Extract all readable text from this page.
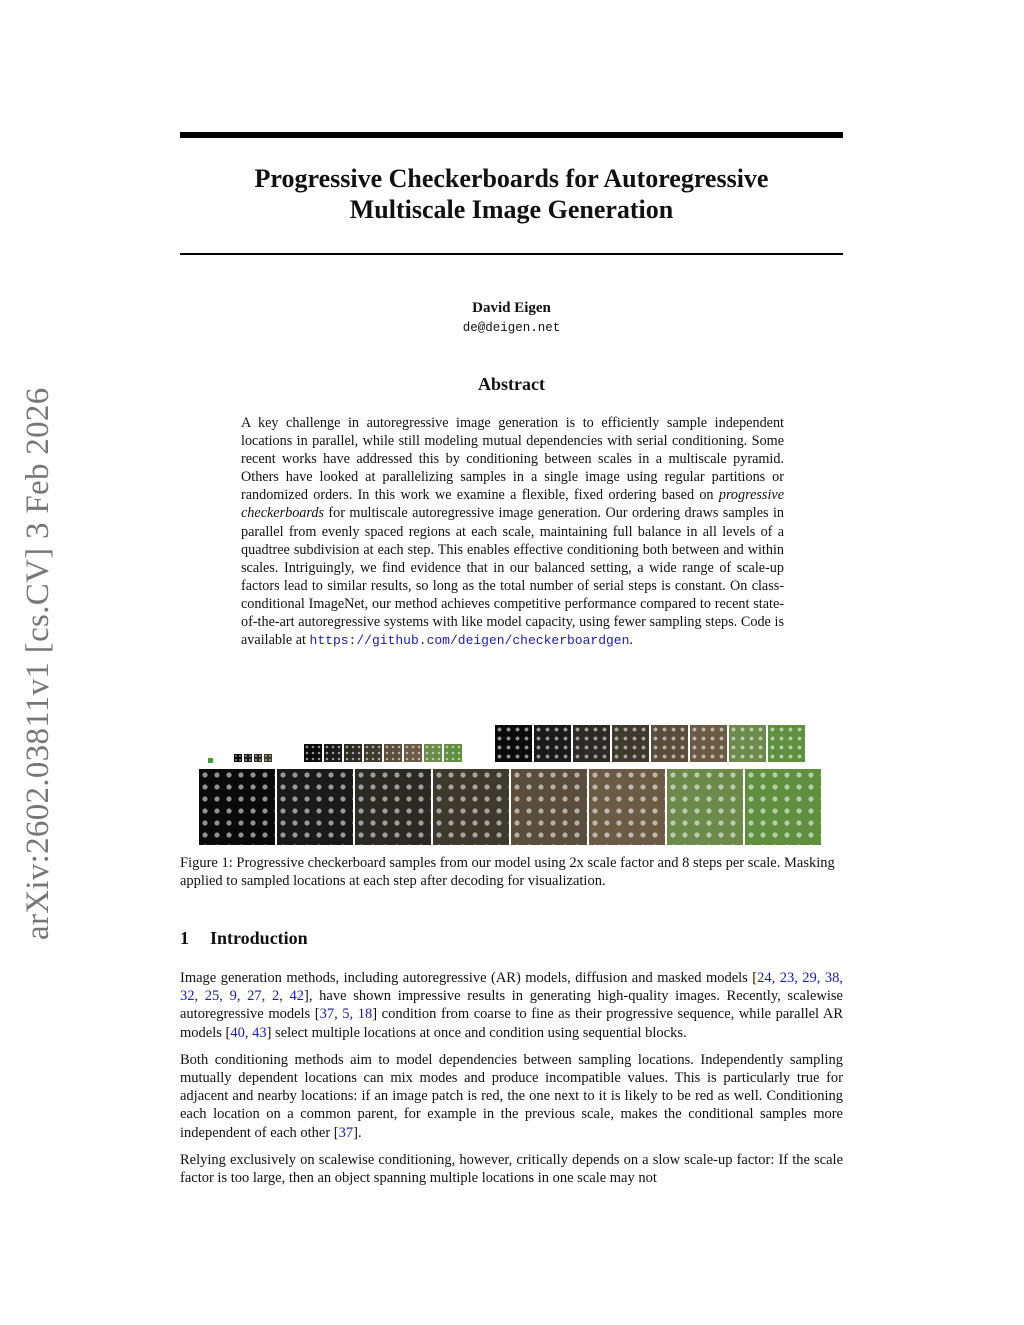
arXiv:2602.03811v1 [cs.CV] 3 Feb 2026
Progressive Checkerboards for Autoregressive
Multiscale Image Generation
David Eigen
de@deigen.net
Abstract
A key challenge in autoregressive image generation is to efficiently sample independent locations in parallel, while still modeling mutual dependencies with serial conditioning. Some recent works have addressed this by conditioning between scales in a multiscale pyramid. Others have looked at parallelizing samples in a single image using regular partitions or randomized orders. In this work we examine a flexible, fixed ordering based on progressive checkerboards for multiscale autoregressive image generation. Our ordering draws samples in parallel from evenly spaced regions at each scale, maintaining full balance in all levels of a quadtree subdivision at each step. This enables effective conditioning both between and within scales. Intriguingly, we find evidence that in our balanced setting, a wide range of scale-up factors lead to similar results, so long as the total number of serial steps is constant. On class-conditional ImageNet, our method achieves competitive performance compared to recent state-of-the-art autoregressive systems with like model capacity, using fewer sampling steps. Code is available at https://github.com/deigen/checkerboardgen.
Figure 1: Progressive checkerboard samples from our model using 2x scale factor and 8 steps per scale. Masking applied to sampled locations at each step after decoding for visualization.
1 Introduction

Image generation methods, including autoregressive (AR) models, diffusion and masked models [24, 23, 29, 38, 32, 25, 9, 27, 2, 42], have shown impressive results in generating high-quality images. Recently, scalewise autoregressive models [37, 5, 18] condition from coarse to fine as their progressive sequence, while parallel AR models [40, 43] select multiple locations at once and condition using sequential blocks.

Both conditioning methods aim to model dependencies between sampling locations. Independently sampling mutually dependent locations can mix modes and produce incompatible values. This is particularly true for adjacent and nearby locations: if an image patch is red, the one next to it is likely to be red as well. Conditioning each location on a common parent, for example in the previous scale, makes the conditional samples more independent of each other [37].

Relying exclusively on scalewise conditioning, however, critically depends on a slow scale-up factor: If the scale factor is too large, then an object spanning multiple locations in one scale may not
